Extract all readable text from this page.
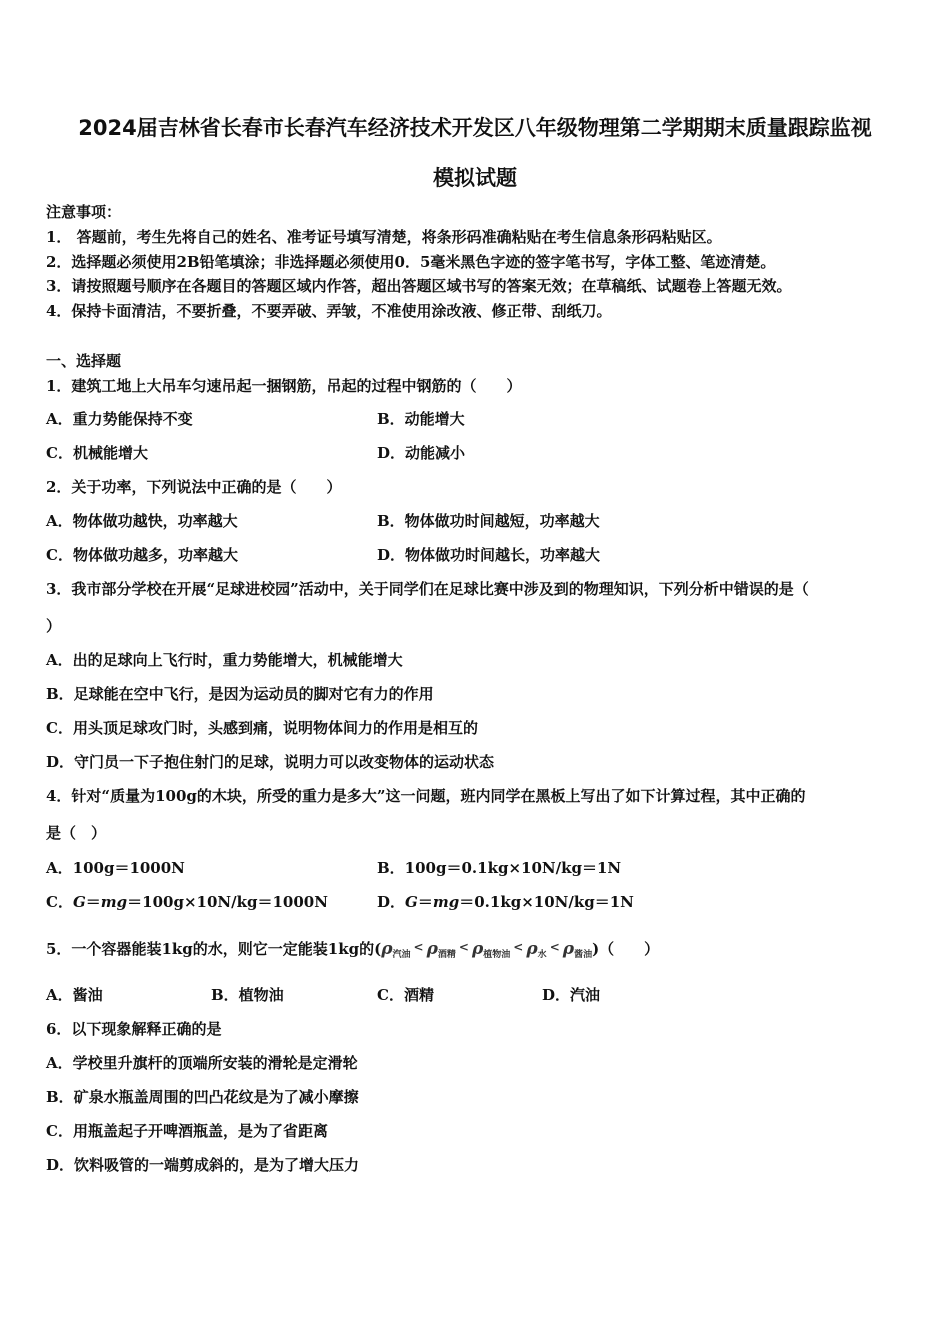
2024届吉林省长春市长春汽车经济技术开发区八年级物理第二学期期末质量跟踪监视
模拟试题
注意事项：
1． 答题前，考生先将自己的姓名、准考证号填写清楚，将条形码准确粘贴在考生信息条形码粘贴区。
2．选择题必须使用2B铅笔填涂；非选择题必须使用0．5毫米黑色字迹的签字笔书写，字体工整、笔迹清楚。
3．请按照题号顺序在各题目的答题区域内作答，超出答题区域书写的答案无效；在草稿纸、试题卷上答题无效。
4．保持卡面清洁，不要折叠，不要弄破、弄皱，不准使用涂改液、修正带、刮纸刀。
一、选择题
1．建筑工地上大吊车匀速吊起一捆钢筋，吊起的过程中钢筋的（　　）
A．重力势能保持不变	B．动能增大
C．机械能增大	D．动能减小
2．关于功率，下列说法中正确的是（　　）
A．物体做功越快，功率越大	B．物体做功时间越短，功率越大
C．物体做功越多，功率越大	D．物体做功时间越长，功率越大
3．我市部分学校在开展“足球进校园”活动中，关于同学们在足球比赛中涉及到的物理知识，下列分析中错误的是（
）
A．出的足球向上飞行时，重力势能增大，机械能增大
B．足球能在空中飞行，是因为运动员的脚对它有力的作用
C．用头顶足球攻门时，头感到痛，说明物体间力的作用是相互的
D．守门员一下子抱住射门的足球，说明力可以改变物体的运动状态
4．针对“质量为100g的木块，所受的重力是多大”这一问题，班内同学在黑板上写出了如下计算过程，其中正确的
是（　）
A．100g＝1000N	B．100g＝0.1kg×10N/kg＝1N
C．G＝mg＝100g×10N/kg＝1000N	D．G＝mg＝0.1kg×10N/kg＝1N
5．一个容器能装1kg的水，则它一定能装1kg的($\rho_{汽油}^<$ $\rho_{酒精}^<$ $\rho_{植物油}^<$ $\rho_水^<$ $\rho_{酱油}$)（　　）
A．酱油	B．植物油	C．酒精	D．汽油
6．以下现象解释正确的是
A．学校里升旗杆的顶端所安装的滑轮是定滑轮
B．矿泉水瓶盖周围的凹凸花纹是为了减小摩擦
C．用瓶盖起子开啤酒瓶盖，是为了省距离
D．饮料吸管的一端剪成斜的，是为了增大压力
